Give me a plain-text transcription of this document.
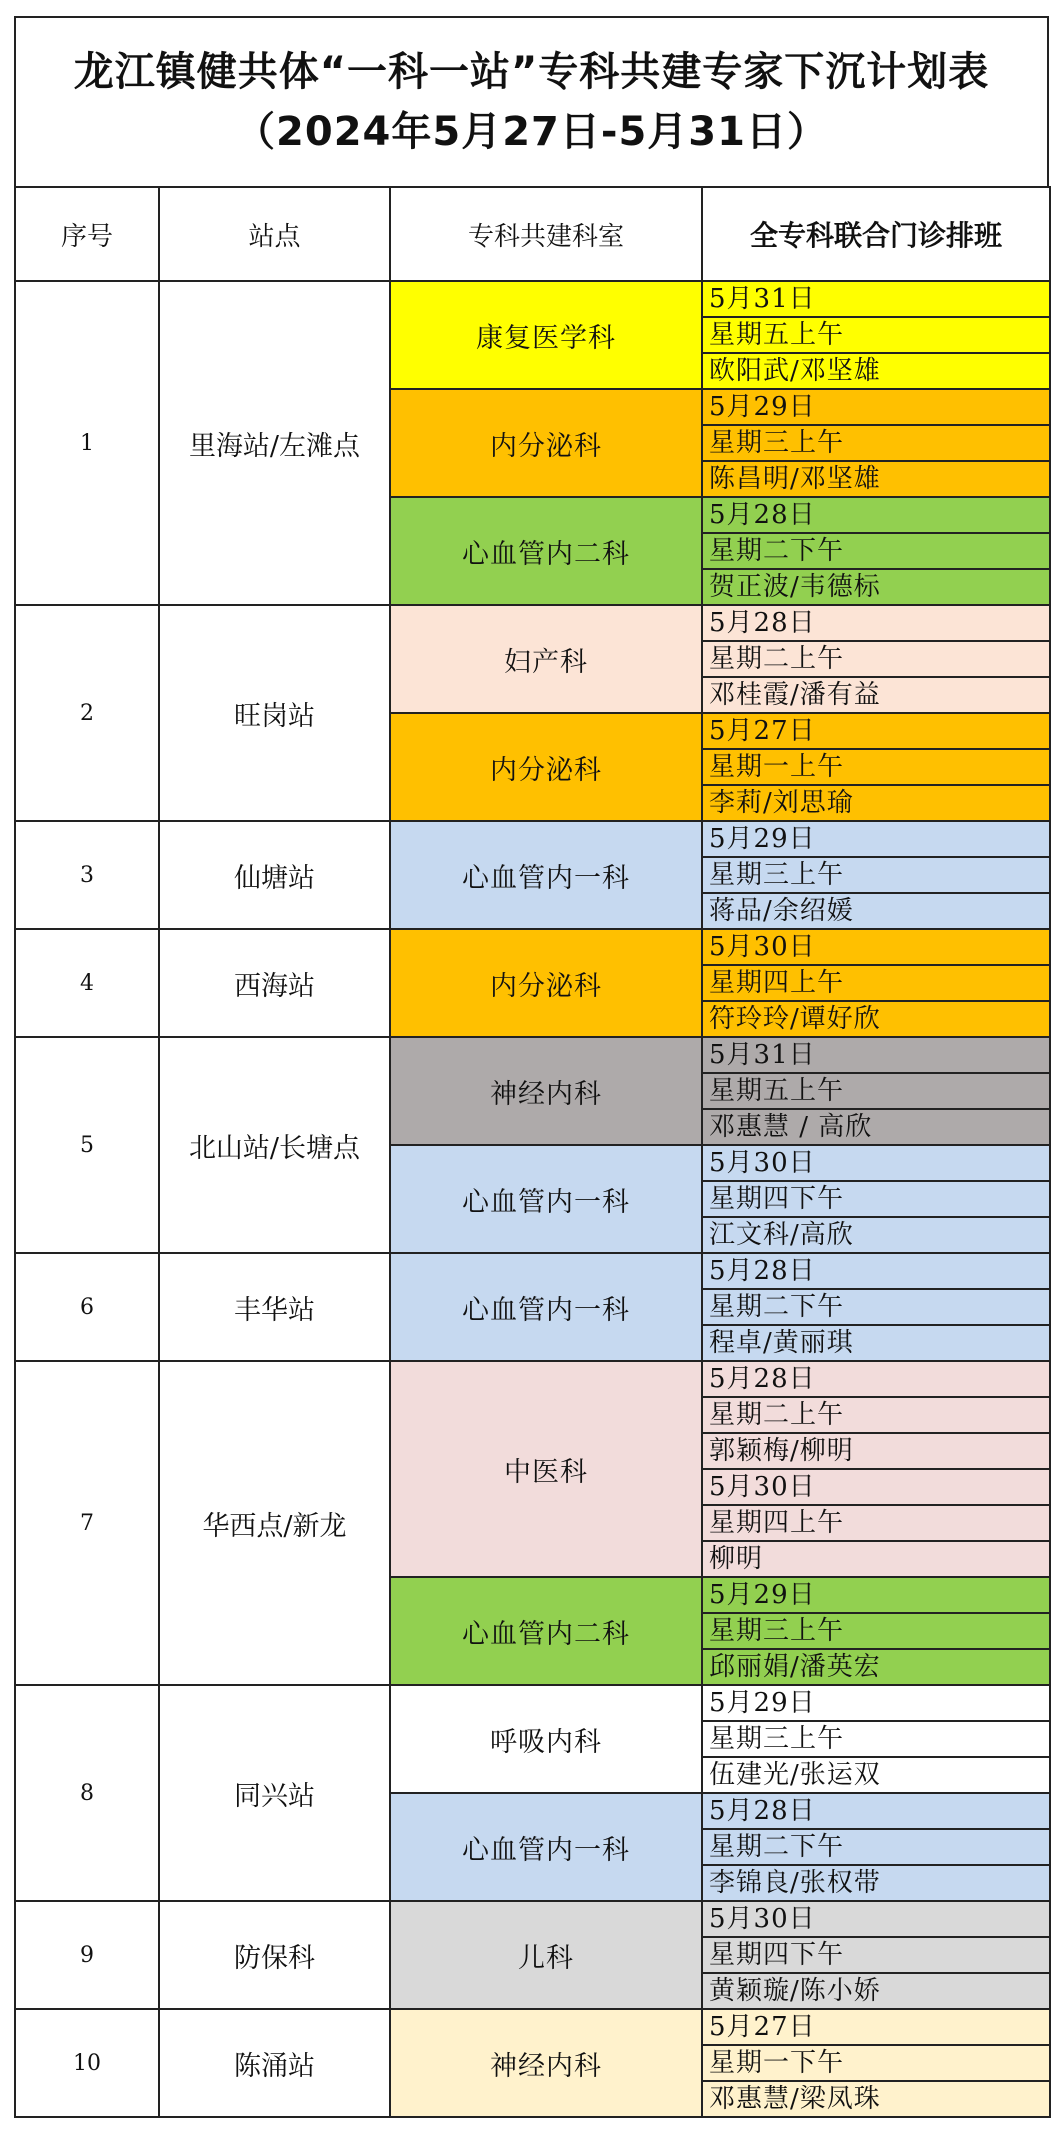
龙江镇健共体“一科一站”专科共建专家下沉计划表
（2024年5月27日-5月31日）
序号	站点	专科共建科室	全专科联合门诊排班
1	里海站/左滩点	康复医学科	5月31日
			星期五上午
			欧阳武/邓坚雄
		内分泌科	5月29日
			星期三上午
			陈昌明/邓坚雄
		心血管内二科	5月28日
			星期二下午
			贺正波/韦德标
2	旺岗站	妇产科	5月28日
			星期二上午
			邓桂霞/潘有益
		内分泌科	5月27日
			星期一上午
			李莉/刘思瑜
3	仙塘站	心血管内一科	5月29日
			星期三上午
			蒋品/余绍媛
4	西海站	内分泌科	5月30日
			星期四上午
			符玲玲/谭好欣
5	北山站/长塘点	神经内科	5月31日
			星期五上午
			邓惠慧 / 高欣
		心血管内一科	5月30日
			星期四下午
			江文科/高欣
6	丰华站	心血管内一科	5月28日
			星期二下午
			程卓/黄丽琪
7	华西点/新龙	中医科	5月28日
			星期二上午
			郭颖梅/柳明
			5月30日
			星期四上午
			柳明
		心血管内二科	5月29日
			星期三上午
			邱丽娟/潘英宏
8	同兴站	呼吸内科	5月29日
			星期三上午
			伍建光/张运双
		心血管内一科	5月28日
			星期二下午
			李锦良/张权带
9	防保科	儿科	5月30日
			星期四下午
			黄颖璇/陈小娇
10	陈涌站	神经内科	5月27日
			星期一下午
			邓惠慧/梁凤珠
